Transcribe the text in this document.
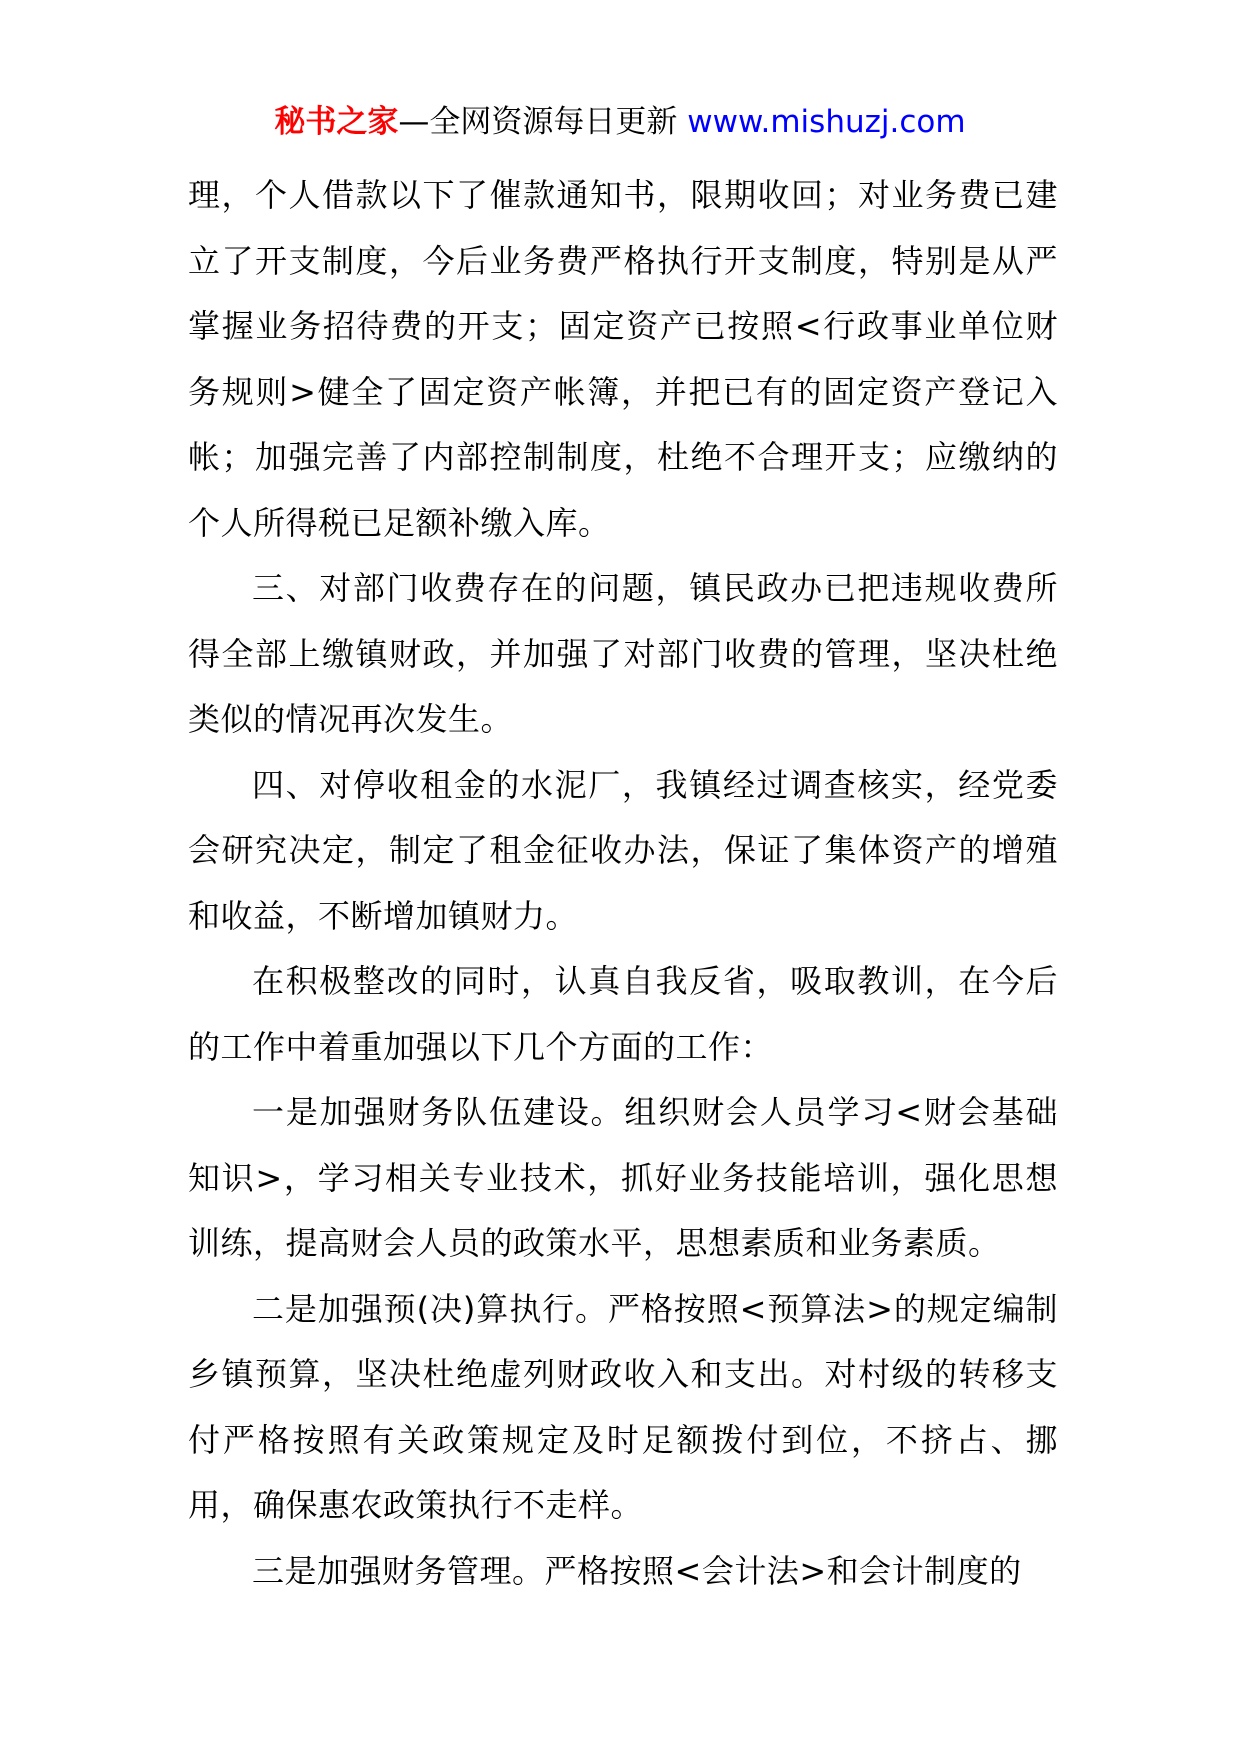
秘书之家—全网资源每日更新 www.mishuzj.com

理，个人借款以下了催款通知书，限期收回；对业务费已建立了开支制度，今后业务费严格执行开支制度，特别是从严掌握业务招待费的开支；固定资产已按照<行政事业单位财务规则>健全了固定资产帐簿，并把已有的固定资产登记入帐；加强完善了内部控制制度，杜绝不合理开支；应缴纳的个人所得税已足额补缴入库。

三、对部门收费存在的问题，镇民政办已把违规收费所得全部上缴镇财政，并加强了对部门收费的管理，坚决杜绝类似的情况再次发生。

四、对停收租金的水泥厂，我镇经过调查核实，经党委会研究决定，制定了租金征收办法，保证了集体资产的增殖和收益，不断增加镇财力。

在积极整改的同时，认真自我反省，吸取教训，在今后的工作中着重加强以下几个方面的工作：

一是加强财务队伍建设。组织财会人员学习<财会基础知识>，学习相关专业技术，抓好业务技能培训，强化思想训练，提高财会人员的政策水平，思想素质和业务素质。

二是加强预(决)算执行。严格按照<预算法>的规定编制乡镇预算，坚决杜绝虚列财政收入和支出。对村级的转移支付严格按照有关政策规定及时足额拨付到位，不挤占、挪用，确保惠农政策执行不走样。

三是加强财务管理。严格按照<会计法>和会计制度的
